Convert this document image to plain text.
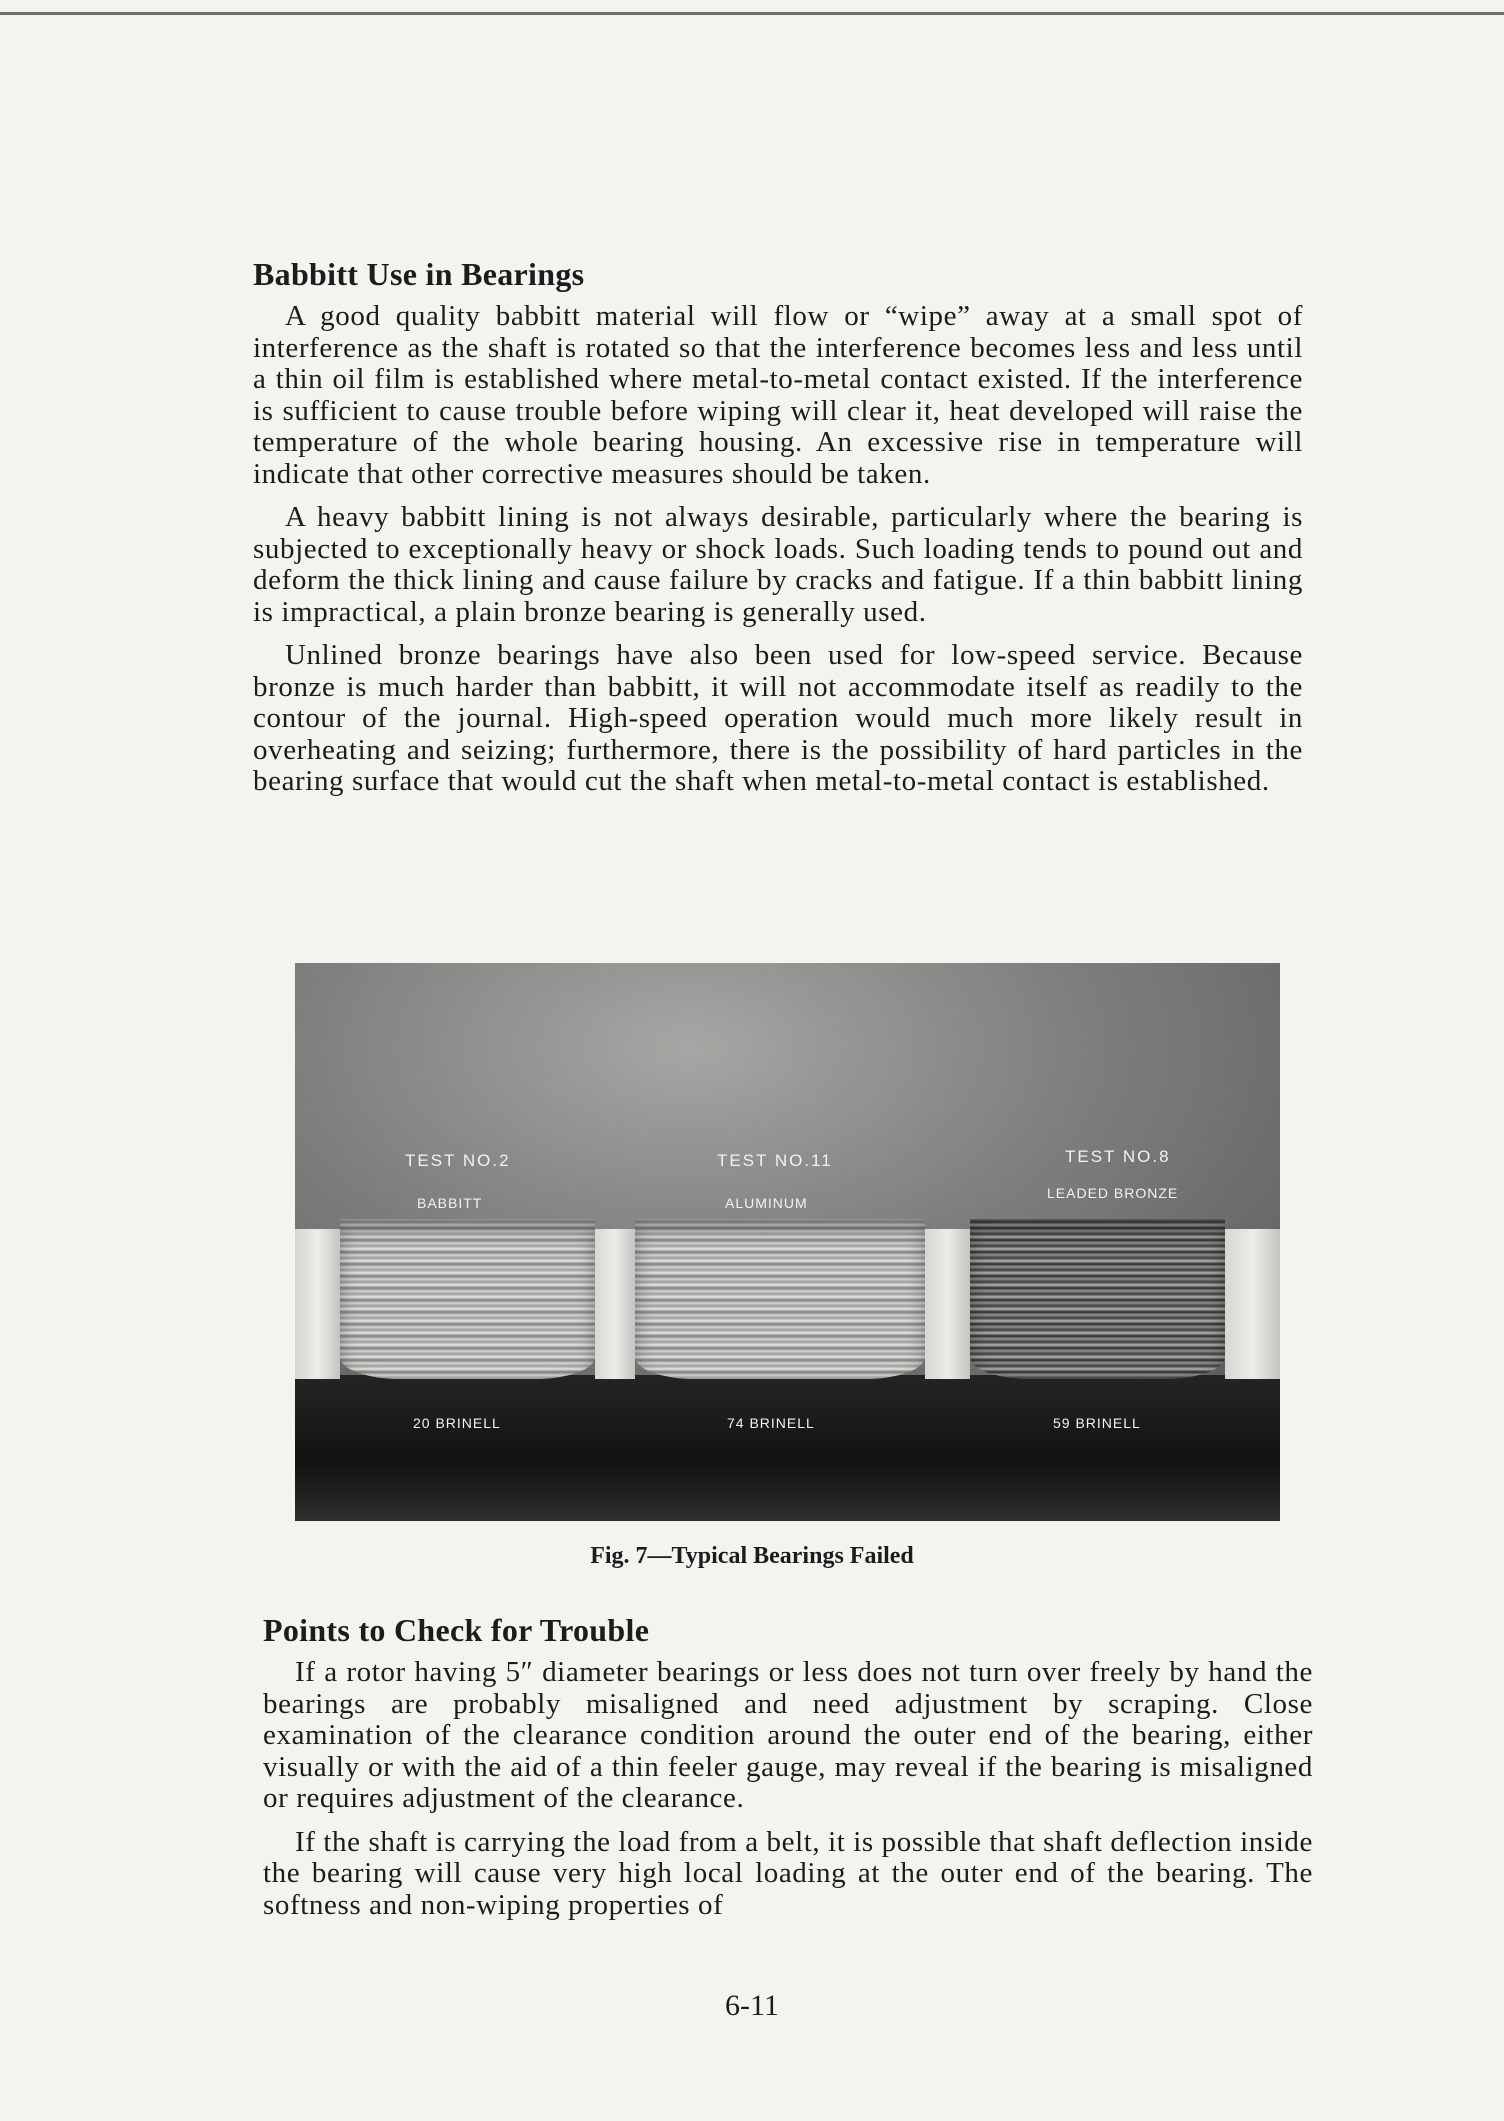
Babbitt Use in Bearings

A good quality babbitt material will flow or “wipe” away at a small spot of interference as the shaft is rotated so that the interference becomes less and less until a thin oil film is established where metal-to-metal contact existed. If the interference is sufficient to cause trouble before wiping will clear it, heat developed will raise the temperature of the whole bearing housing. An excessive rise in temperature will indicate that other corrective measures should be taken.

A heavy babbitt lining is not always desirable, particularly where the bearing is subjected to exceptionally heavy or shock loads. Such loading tends to pound out and deform the thick lining and cause failure by cracks and fatigue. If a thin babbitt lining is impractical, a plain bronze bearing is generally used.

Unlined bronze bearings have also been used for low-speed service. Because bronze is much harder than babbitt, it will not accommodate itself as readily to the contour of the journal. High-speed operation would much more likely result in overheating and seizing; furthermore, there is the possibility of hard particles in the bearing surface that would cut the shaft when metal-to-metal contact is established.

TEST NO.2
BABBITT
20 BRINELL
TEST NO.11
ALUMINUM
74 BRINELL
TEST NO.8
LEADED BRONZE
59 BRINELL
Fig. 7—Typical Bearings Failed
Points to Check for Trouble

If a rotor having 5″ diameter bearings or less does not turn over freely by hand the bearings are probably misaligned and need adjustment by scraping. Close examination of the clearance condition around the outer end of the bearing, either visually or with the aid of a thin feeler gauge, may reveal if the bearing is misaligned or requires adjustment of the clearance.

If the shaft is carrying the load from a belt, it is possible that shaft deflection inside the bearing will cause very high local loading at the outer end of the bearing. The softness and non-wiping properties of

6-11
